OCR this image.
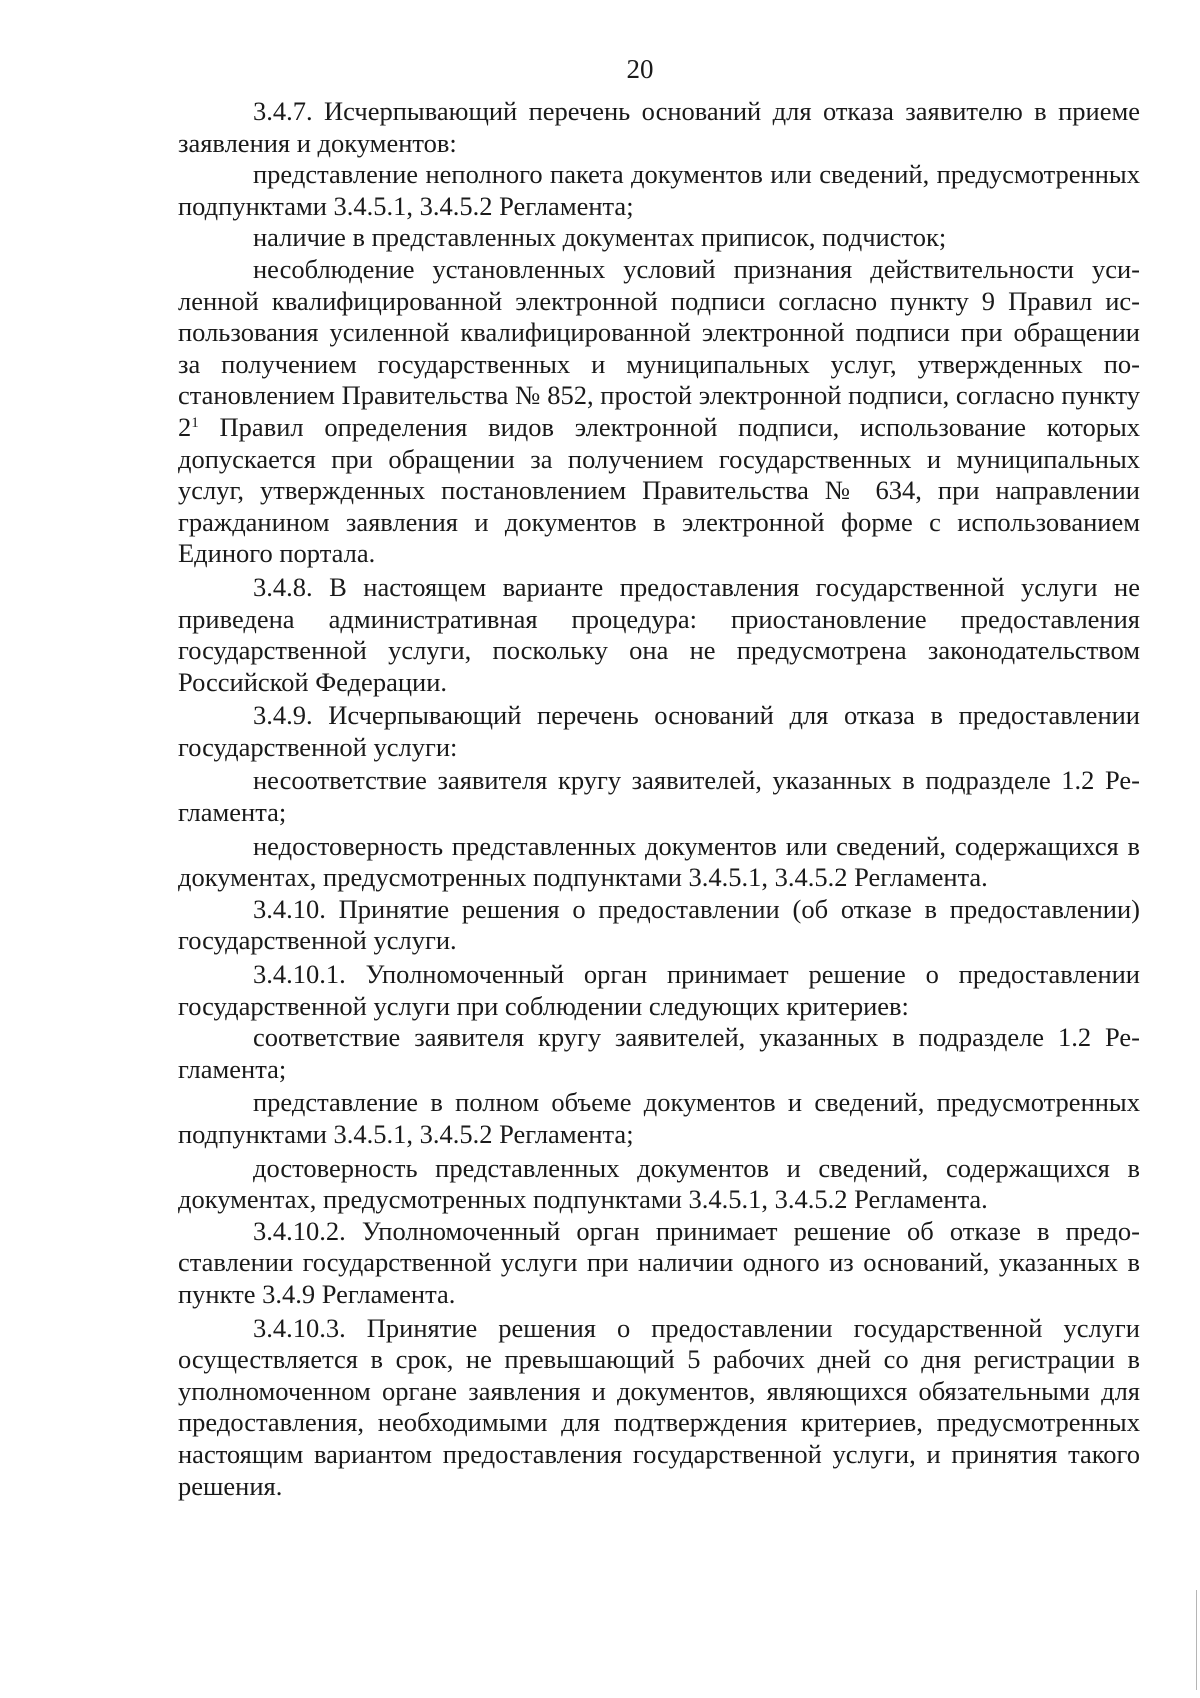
20

3.4.7. Исчерпывающий перечень оснований для отказа заявителю в приеме заявления и документов:

представление неполного пакета документов или сведений, предусмотренных подпунктами 3.4.5.1, 3.4.5.2 Регламента;

наличие в представленных документах приписок, подчисток;

несоблюдение установленных условий признания действительности усиленной квалифицированной электронной подписи согласно пункту 9 Правил использования усиленной квалифицированной электронной подписи при обращении за получением государственных и муниципальных услуг, утвержденных постановлением Правительства № 852, простой электронной подписи, согласно пункту $2^1$ Правил определения видов электронной подписи, использование которых допускается при обращении за получением государственных и муниципальных услуг, утвержденных постановлением Правительства № 634, при направлении гражданином заявления и документов в электронной форме с использованием Единого портала.

3.4.8. В настоящем варианте предоставления государственной услуги не приведена административная процедура: приостановление предоставления государственной услуги, поскольку она не предусмотрена законодательством Российской Федерации.

3.4.9. Исчерпывающий перечень оснований для отказа в предоставлении государственной услуги:

несоответствие заявителя кругу заявителей, указанных в подразделе 1.2 Регламента;

недостоверность представленных документов или сведений, содержащихся в документах, предусмотренных подпунктами 3.4.5.1, 3.4.5.2 Регламента.

3.4.10. Принятие решения о предоставлении (об отказе в предоставлении) государственной услуги.

3.4.10.1. Уполномоченный орган принимает решение о предоставлении государственной услуги при соблюдении следующих критериев:

соответствие заявителя кругу заявителей, указанных в подразделе 1.2 Регламента;

представление в полном объеме документов и сведений, предусмотренных подпунктами 3.4.5.1, 3.4.5.2 Регламента;

достоверность представленных документов и сведений, содержащихся в документах, предусмотренных подпунктами 3.4.5.1, 3.4.5.2 Регламента.

3.4.10.2. Уполномоченный орган принимает решение об отказе в предоставлении государственной услуги при наличии одного из оснований, указанных в пункте 3.4.9 Регламента.

3.4.10.3. Принятие решения о предоставлении государственной услуги осуществляется в срок, не превышающий 5 рабочих дней со дня регистрации в уполномоченном органе заявления и документов, являющихся обязательными для предоставления, необходимыми для подтверждения критериев, предусмотренных настоящим вариантом предоставления государственной услуги, и принятия такого решения.
